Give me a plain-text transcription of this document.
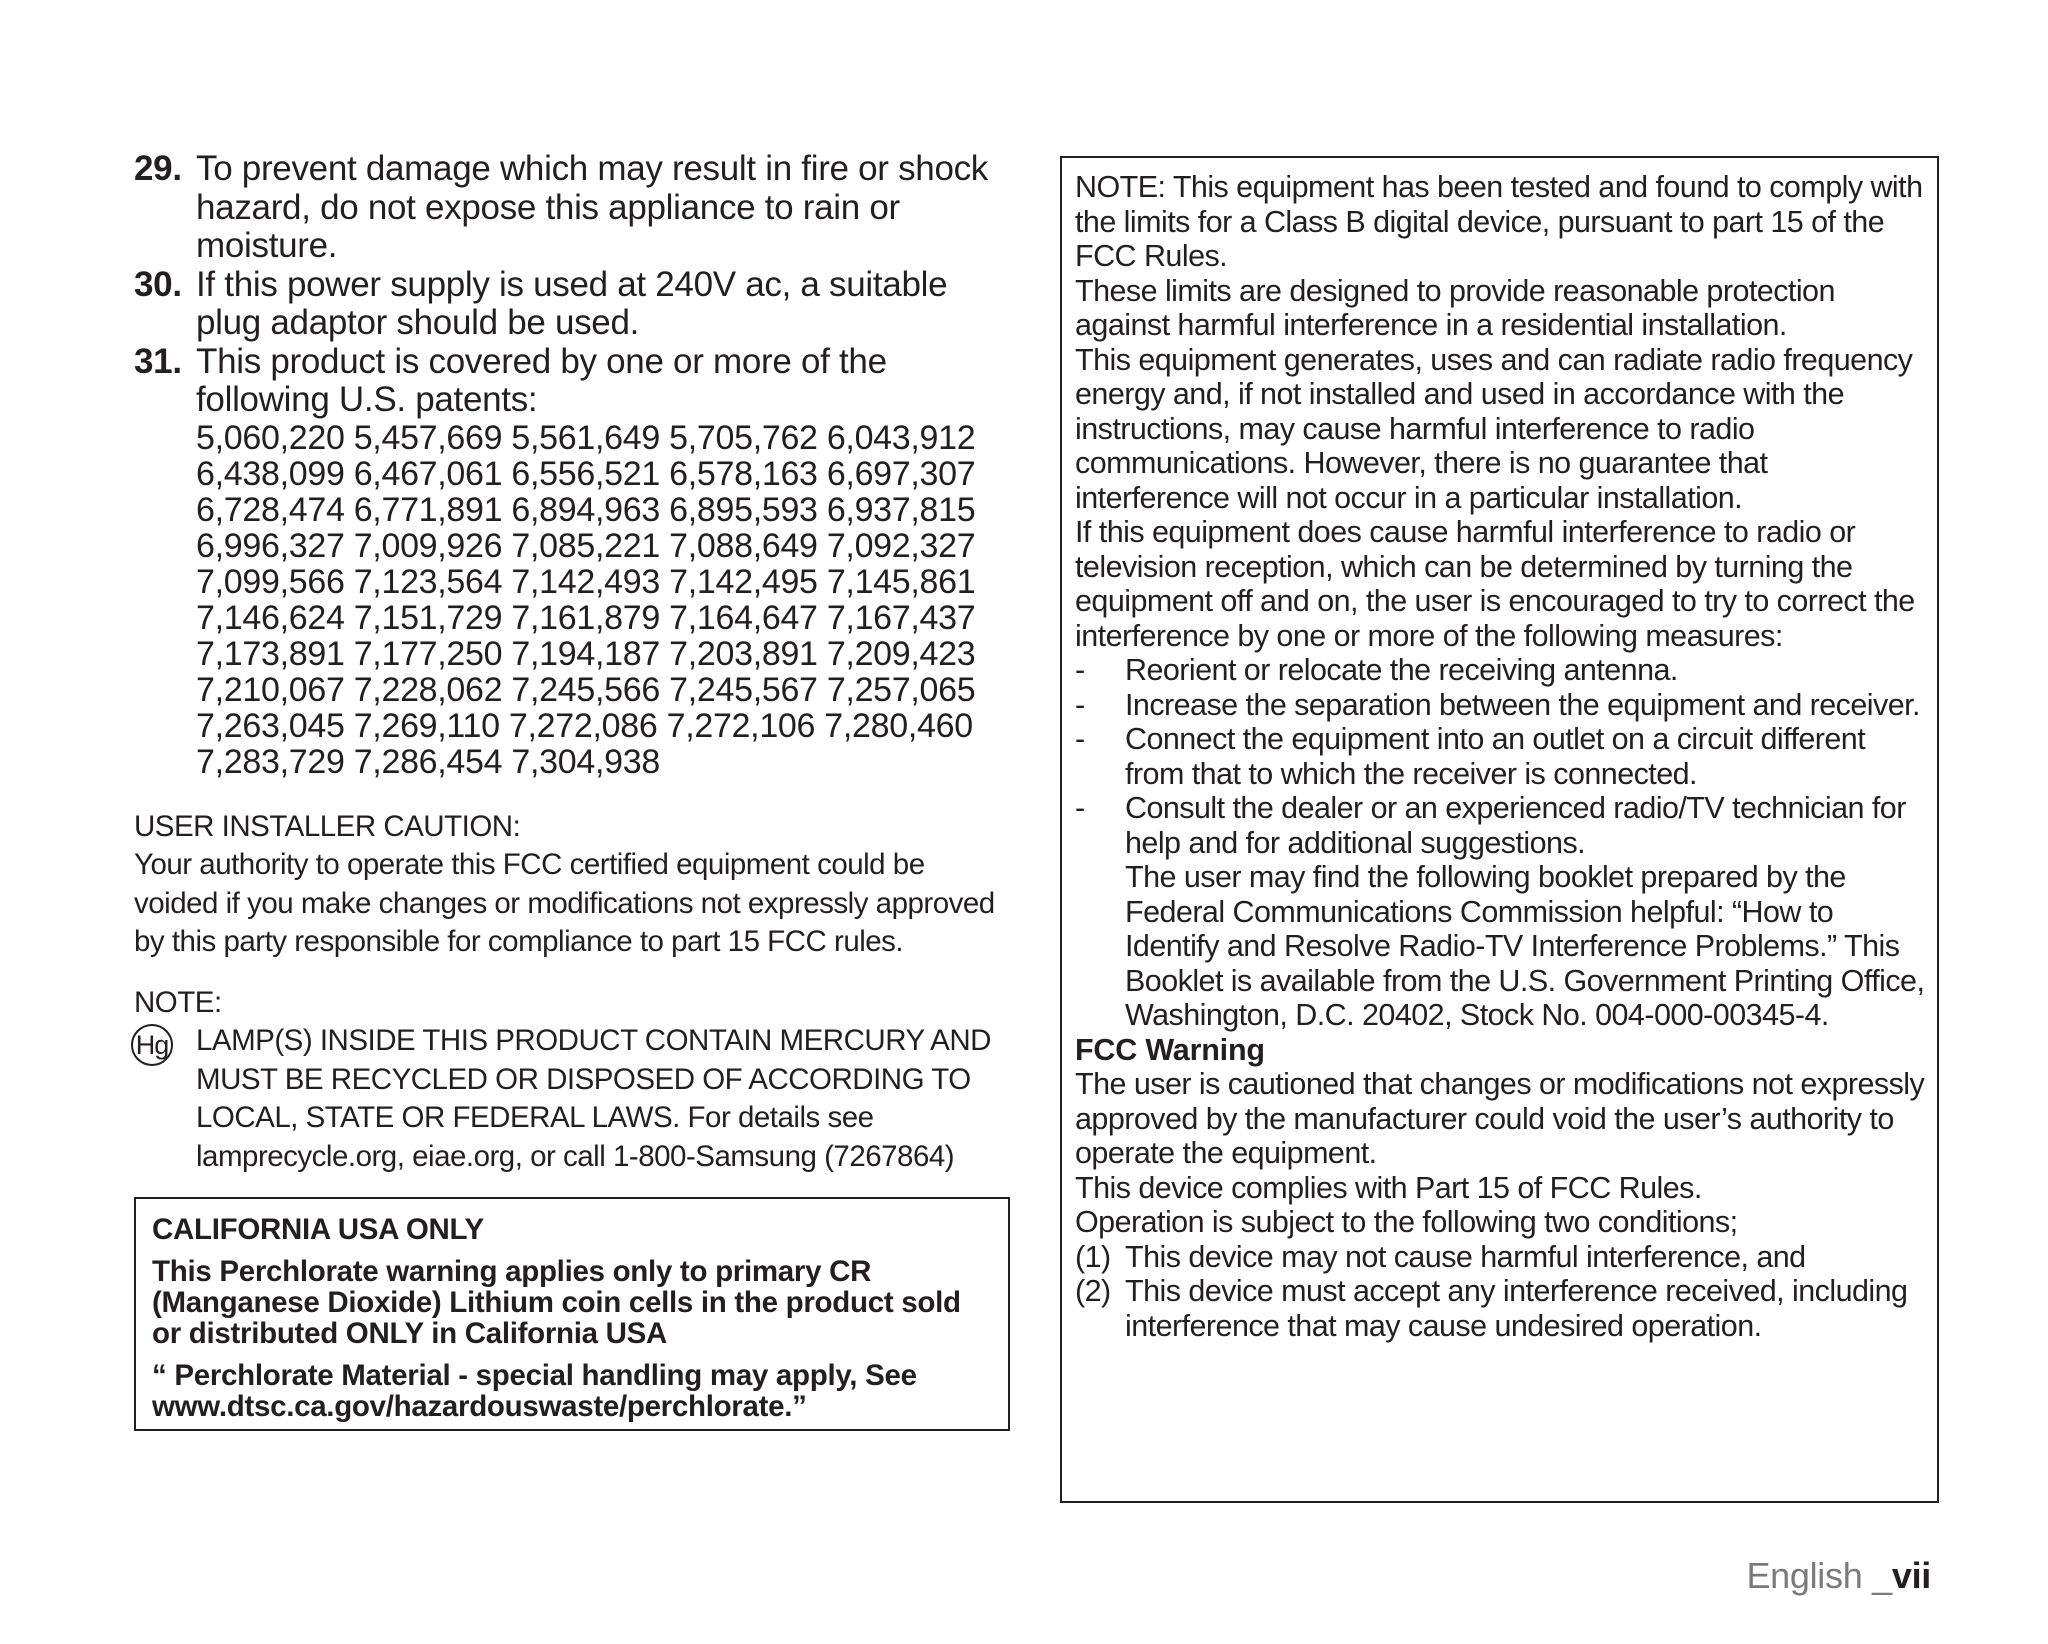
29. To prevent damage which may result in fire or shock hazard, do not expose this appliance to rain or moisture.
30. If this power supply is used at 240V ac, a suitable plug adaptor should be used.
31. This product is covered by one or more of the following U.S. patents:
5,060,220 5,457,669 5,561,649 5,705,762 6,043,912
6,438,099 6,467,061 6,556,521 6,578,163 6,697,307
6,728,474 6,771,891 6,894,963 6,895,593 6,937,815
6,996,327 7,009,926 7,085,221 7,088,649 7,092,327
7,099,566 7,123,564 7,142,493 7,142,495 7,145,861
7,146,624 7,151,729 7,161,879 7,164,647 7,167,437
7,173,891 7,177,250 7,194,187 7,203,891 7,209,423
7,210,067 7,228,062 7,245,566 7,245,567 7,257,065
7,263,045 7,269,110 7,272,086 7,272,106 7,280,460
7,283,729 7,286,454 7,304,938
USER INSTALLER CAUTION:
Your authority to operate this FCC certified equipment could be voided if you make changes or modifications not expressly approved by this party responsible for compliance to part 15 FCC rules.
NOTE:
Hg LAMP(S) INSIDE THIS PRODUCT CONTAIN MERCURY AND MUST BE RECYCLED OR DISPOSED OF ACCORDING TO LOCAL, STATE OR FEDERAL LAWS. For details see lamprecycle.org, eiae.org, or call 1-800-Samsung (7267864)
CALIFORNIA USA ONLY
This Perchlorate warning applies only to primary CR (Manganese Dioxide) Lithium coin cells in the product sold or distributed ONLY in California USA
“ Perchlorate Material - special handling may apply, See www.dtsc.ca.gov/hazardouswaste/perchlorate.”
NOTE: This equipment has been tested and found to comply with the limits for a Class B digital device, pursuant to part 15 of the FCC Rules.
These limits are designed to provide reasonable protection against harmful interference in a residential installation.
This equipment generates, uses and can radiate radio frequency energy and, if not installed and used in accordance with the instructions, may cause harmful interference to radio communications. However, there is no guarantee that interference will not occur in a particular installation.
If this equipment does cause harmful interference to radio or television reception, which can be determined by turning the equipment off and on, the user is encouraged to try to correct the interference by one or more of the following measures:
-	Reorient or relocate the receiving antenna.
-	Increase the separation between the equipment and receiver.
-	Connect the equipment into an outlet on a circuit different from that to which the receiver is connected.
-	Consult the dealer or an experienced radio/TV technician for help and for additional suggestions.
The user may find the following booklet prepared by the Federal Communications Commission helpful: “How to Identify and Resolve Radio-TV Interference Problems.” This Booklet is available from the U.S. Government Printing Office, Washington, D.C. 20402, Stock No. 004-000-00345-4.
FCC Warning
The user is cautioned that changes or modifications not expressly approved by the manufacturer could void the user’s authority to operate the equipment.
This device complies with Part 15 of FCC Rules.
Operation is subject to the following two conditions;
(1) This device may not cause harmful interference, and
(2) This device must accept any interference received, including interference that may cause undesired operation.
English _vii
